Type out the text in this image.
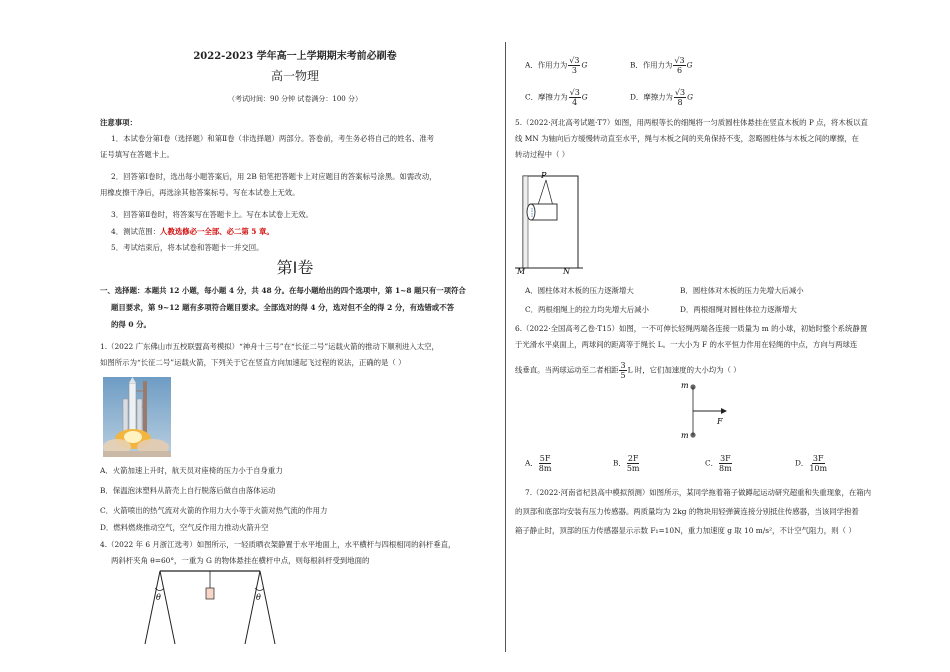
2022-2023 学年高一上学期期末考前必刷卷
高一物理
（考试时间：90 分钟 试卷满分：100 分）
注意事项：
1．本试卷分第Ⅰ卷（选择题）和第Ⅱ卷（非选择题）两部分。答卷前，考生务必将自己的姓名、准考
证号填写在答题卡上。
2．回答第Ⅰ卷时，选出每小题答案后，用 2B 铅笔把答题卡上对应题目的答案标号涂黑。如需改动，
用橡皮擦干净后，再选涂其他答案标号。写在本试卷上无效。
3．回答第Ⅱ卷时，将答案写在答题卡上。写在本试卷上无效。
4．测试范围：人教选修必一全部、必二第 5 章。
5．考试结束后，将本试卷和答题卡一并交回。
第Ⅰ卷
一、选择题：本题共 12 小题，每小题 4 分，共 48 分。在每小题给出的四个选项中，第 1~8 题只有一项符合
题目要求，第 9~12 题有多项符合题目要求。全部选对的得 4 分，选对但不全的得 2 分，有选错或不答
的得 0 分。
1.（2022 广东佛山市五校联盟高考模拟）“神舟十三号”在“长征二号”运载火箭的推动下顺利进入太空，
如图所示为“长征二号”运载火箭，下列关于它在竖直方向加速起飞过程的说法，正确的是（ ）
A．火箭加速上升时，航天员对座椅的压力小于自身重力
B．保温泡沫塑料从箭壳上自行脱落后做自由落体运动
C．火箭喷出的热气流对火箭的作用力大小等于火箭对热气流的作用力
D．燃料燃烧推动空气，空气反作用力推动火箭升空
4.（2022 年 6 月浙江选考）如图所示，一轻质晒衣架静置于水平地面上，水平横杆与四根相同的斜杆垂直，
两斜杆夹角 θ=60°，一重为 G 的物体悬挂在横杆中点，则每根斜杆受到地面的
θ	θ
A．作用力为 $\frac{√3}{3}$ G	B．作用力为 $\frac{√3}{6}$ G
C．摩擦力为 $\frac{√3}{4}$ G	D．摩擦力为 $\frac{√3}{8}$ G
5.（2022·河北高考试题·T7）如图，用两根等长的细绳将一匀质圆柱体悬挂在竖直木板的 P 点，将木板以直
线 MN 为轴向后方缓慢转动直至水平，绳与木板之间的夹角保持不变，忽略圆柱体与木板之间的摩擦，在
转动过程中（ ）
P
M	N
A．圆柱体对木板的压力逐渐增大	B．圆柱体对木板的压力先增大后减小
C．两根细绳上的拉力均先增大后减小	D．两根细绳对圆柱体拉力逐渐增大
6.（2022·全国高考乙卷·T15）如图，一不可伸长轻绳两端各连接一质量为 m 的小球，初始时整个系统静置
于光滑水平桌面上，两球间的距离等于绳长 L。一大小为 F 的水平恒力作用在轻绳的中点，方向与两球连
线垂直。当两球运动至二者相距 $\frac{3}{5}$ L 时，它们加速度的大小均为（ ）
m
m
F
A． $\frac{5F}{8m}$	B． $\frac{2F}{5m}$	C． $\frac{3F}{8m}$	D． $\frac{3F}{10m}$
7.（2022·河南省杞县高中模拟预测）如图所示，某同学拖着箱子做蹲起运动研究超重和失重现象，在箱内
的顶部和底部均安装有压力传感器。两质量均为 2kg 的物块用轻弹簧连接分别抵住传感器，当该同学抱着
箱子静止时，顶部的压力传感器显示示数 F₁=10N，重力加速度 g 取 10 m/s²，不计空气阻力，则（ ）
